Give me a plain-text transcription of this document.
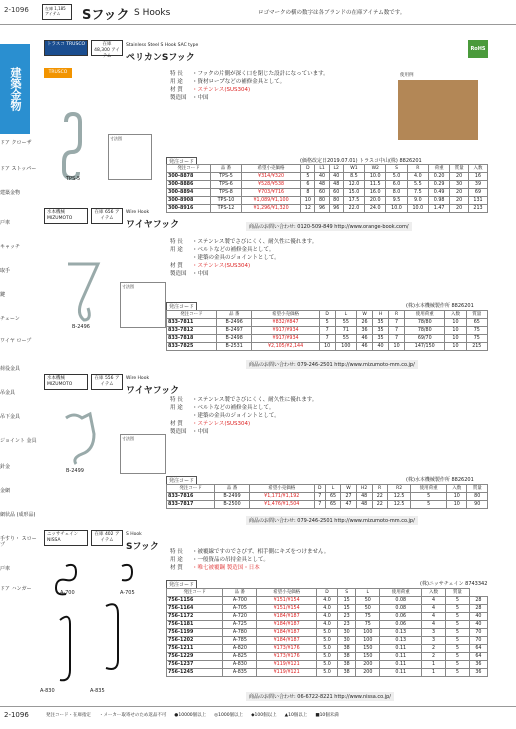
2-1096	在庫 1,185 アイテム	Sフック S Hooks	ロゴマークの横の数字は各ブランドの在庫アイテム数です。
RoHS
建築金物
ドア クローザ
ドア ストッパー
建築金物
戸車
キャッチ
取手
鍵
チェーン
ワイヤ ロープ
荷役金具
吊金具
吊下金具
ジョイント 金具
針金
金網
網状品 (成形品)
手すり・ スロープ
戸車
ドア ハンガー
トラスコ TRUSCO	在庫 48,300 アイテム
Stainless Steel S Hook SAC type
ペリカンSフック
TRUSCO
TPS-5
寸法図
特 長 ・フックの片側が深く口を閉じた設計になっています。
用 途 ・資材ロープなどの補修金具として。
材 質 ・ステンレス(SUS304)
製造国 ・中国
使用例
(価格改定日2019.07.01) トラスコ中山(株) 8826201
発注コード
発注コード	品 番	希望小売価格	D	L1	L2	W1	W2	S	R	荷重	質量	入数
300-8878	TPS-5	¥314/¥320	5	40	40	8.5	10.0	5.0	4.0	0.20	20	16
300-8886	TPS-6	¥528/¥538	6	48	48	12.0	11.5	6.0	5.5	0.29	30	39
300-8894	TPS-8	¥703/¥716	8	60	60	15.0	16.0	8.0	7.5	0.49	20	69
300-8908	TPS-10	¥1,089/¥1,100	10	80	80	17.5	20.0	9.5	9.0	0.98	20	131
300-8916	TPS-12	¥1,296/¥1,320	12	96	96	22.0	24.0	10.0	10.0	1.47	20	213
商品のお問い合わせ: 0120-509-849 http://www.orange-book.com/
水本機械 MIZUMOTO
在庫 656 アイテム
Wire Hook
ワイヤフック
B-2496
寸法図
特 長 ・ステンレス製でさびにくく、耐久性に優れます。
用 途 ・ベルトなどの補修金具として。
・建築の金具のジョイントとして。
材 質 ・ステンレス(SUS304)
製造国 ・中国
(株)水本機械製作所 8826201
発注コード
発注コード	品 番	希望小売価格	D	L	W	H	R	使用荷重	入数	質量
833-7811	B-2496	¥832/¥847	5	55	26	35	7	78/80	10	65
833-7812	B-2497	¥917/¥934	7	71	36	35	7	78/80	10	75
833-7818	B-2498	¥917/¥934	7	55	46	35	7	69/70	10	75
833-7825	B-2531	¥2,105/¥2,144	10	100	46	40	10	147/150	10	215
商品のお問い合わせ: 079-246-2501 http://www.mizumoto-mm.co.jp/
水本機械 MIZUMOTO
在庫 556 アイテム
Wire Hook
ワイヤフック
B-2499
寸法図
特 長 ・ステンレス製でさびにくく、耐久性に優れます。
用 途 ・ベルトなどの補修金具として。
・建築の金具のジョイントとして。
材 質 ・ステンレス(SUS304)
製造国 ・中国
(株)水本機械製作所 8826201
発注コード
発注コード	品 番	希望小売価格	D	L	W	H2	R	R2	使用荷重	入数	質量
833-7816	B-2499	¥1,171/¥1,192	7	65	27	48	22	12.5	5	10	80
833-7817	B-2500	¥1,476/¥1,504	7	65	47	48	22	12.5	5	10	90
商品のお問い合わせ: 079-246-2501 http://www.mizumoto-mm.co.jp/
ニッサチェイン NISSA
在庫 402 アイテム
S Hook
Sフック
A-700	A-705
A-830	A-835
特 長 ・被覆線ですのでさびず、相手側にキズをつけません。
用 途 ・一般資品の吊持金具として。
材 質 ・唯七被覆鋼 製造国・日本
(株)ニッサチェイン 8743342
発注コード
発注コード	品 番	希望小売価格	D	S	L	使用荷重	入数	質量	
756-1156	A-700	¥151/¥154	4.0	15	50	0.08	4	5	28
756-1164	A-705	¥151/¥154	4.0	15	50	0.08	4	5	28
756-1172	A-720	¥184/¥187	4.0	23	75	0.06	4	5	40
756-1181	A-725	¥184/¥187	4.0	23	75	0.06	4	5	40
756-1199	A-780	¥184/¥187	5.0	30	100	0.13	3	5	70
756-1202	A-785	¥184/¥187	5.0	30	100	0.13	3	5	70
756-1211	A-820	¥173/¥176	5.0	38	150	0.11	2	5	64
756-1229	A-825	¥173/¥176	5.0	38	150	0.11	2	5	64
756-1237	A-830	¥119/¥121	5.0	38	200	0.11	1	5	36
756-1245	A-835	¥119/¥121	5.0	38	200	0.11	1	5	36
商品のお問い合わせ: 06-6722-8221 http://www.nissa.co.jp/
2-1096	発注コード・在庫指定 ・メーカー取寄せのため返品不可 ●10000個以上 ◎1000個以上 ◆100個以上 ▲10個以上 ■10個未満
